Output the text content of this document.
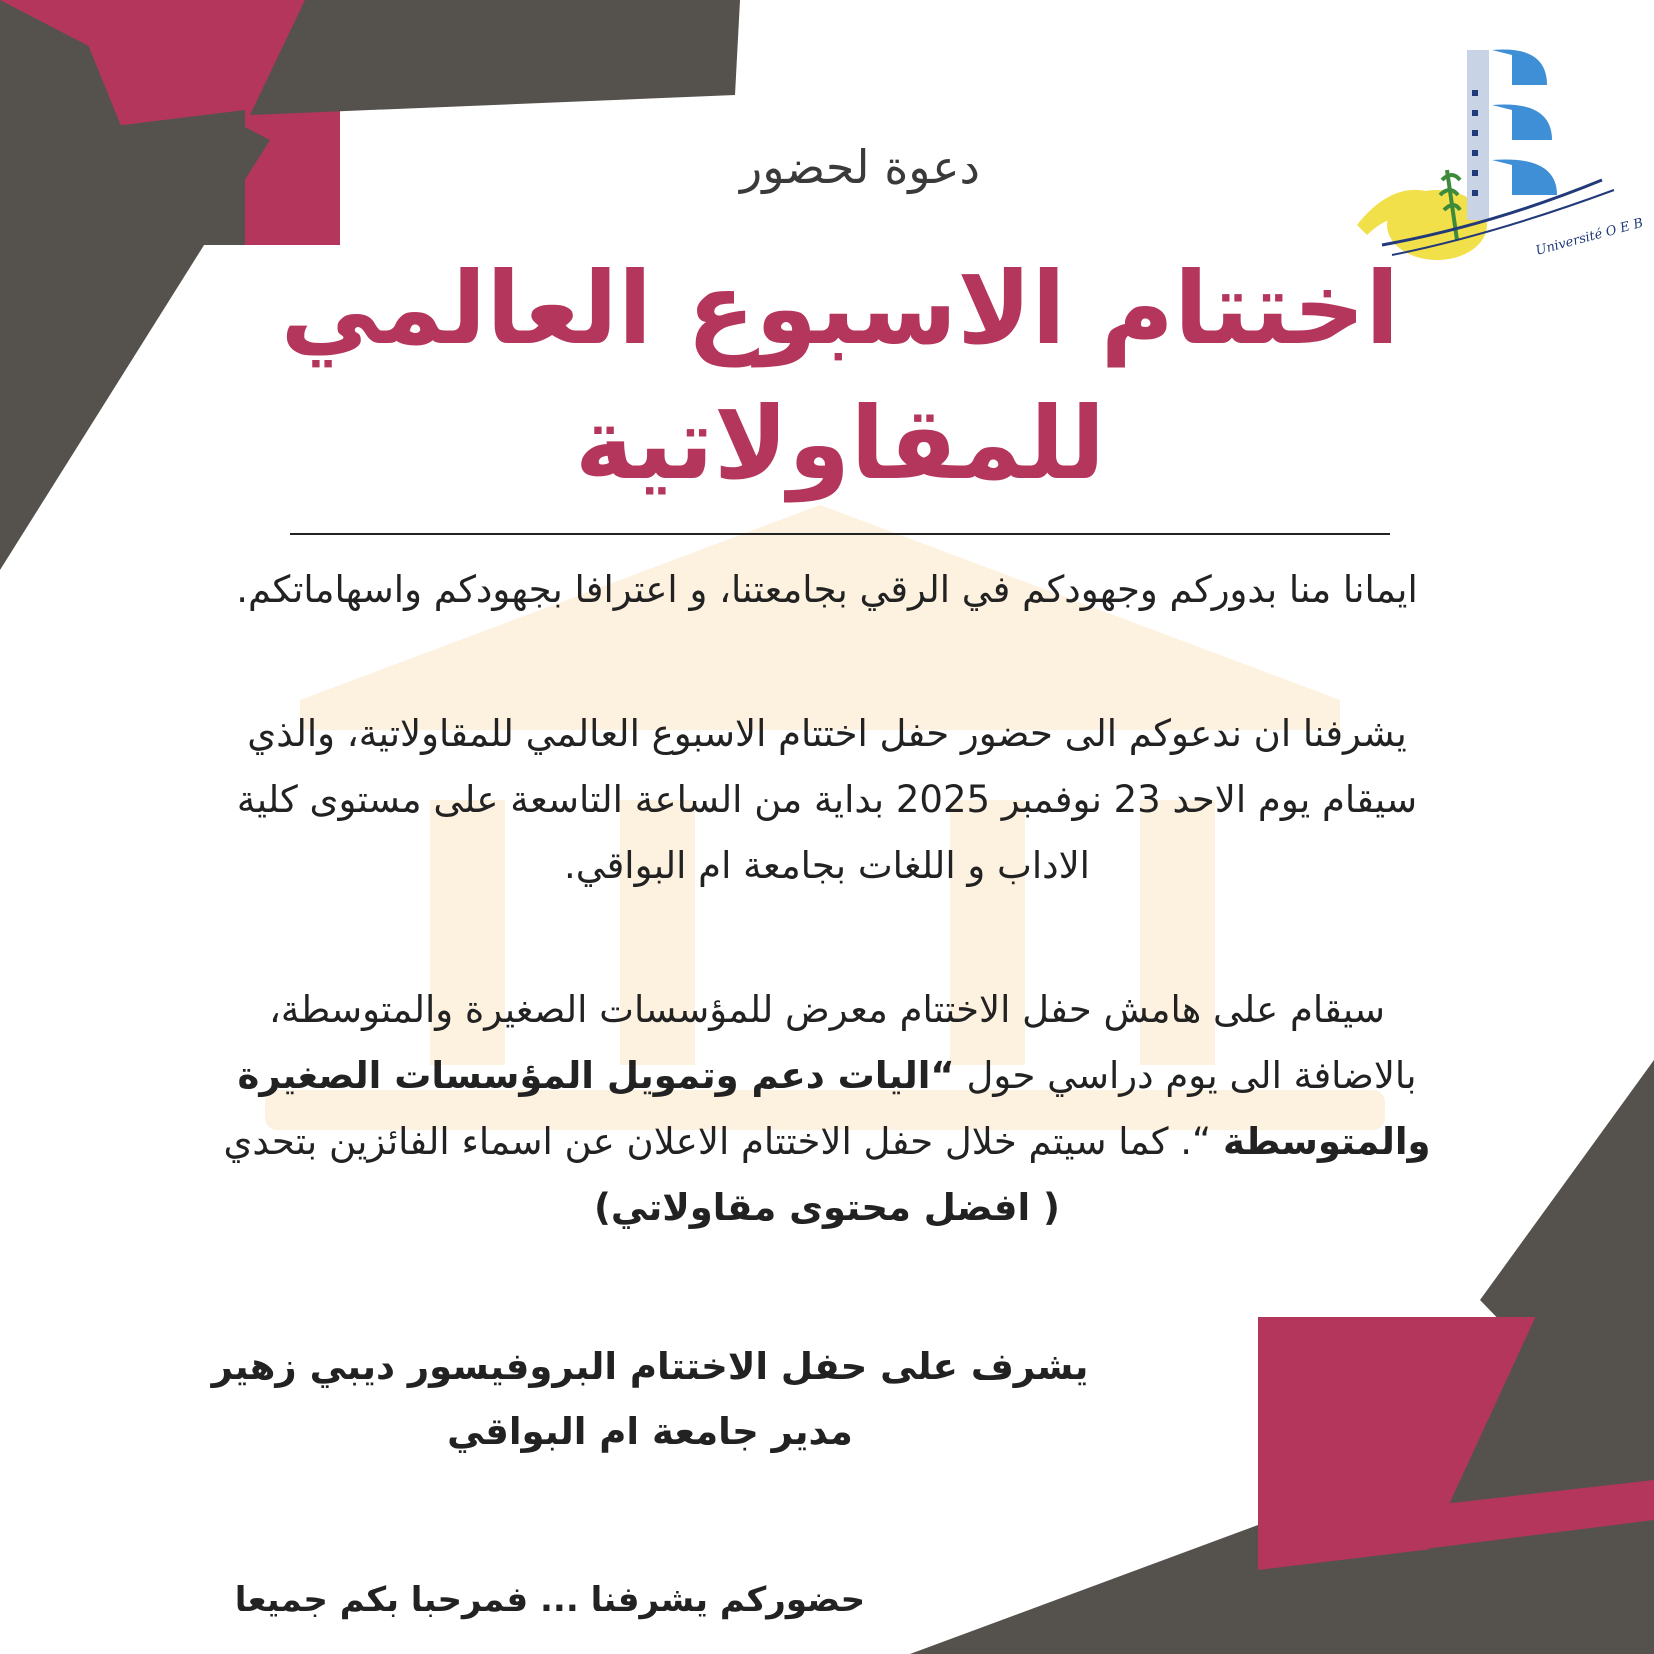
Université O E B
دعوة لحضور
اختتام الاسبوع العالمي
للمقاولاتية
ايمانا منا بدوركم وجهودكم في الرقي بجامعتنا، و اعترافا بجهودكم واسهاماتكم.
يشرفنا ان ندعوكم الى حضور حفل اختتام الاسبوع العالمي للمقاولاتية، والذي
سيقام يوم الاحد 23 نوفمبر 2025 بداية من الساعة التاسعة على مستوى كلية
الاداب و اللغات بجامعة ام البواقي.
سيقام على هامش حفل الاختتام معرض للمؤسسات الصغيرة والمتوسطة،
بالاضافة الى يوم دراسي حول “اليات دعم وتمويل المؤسسات الصغيرة
والمتوسطة “. كما سيتم خلال حفل الاختتام الاعلان عن اسماء الفائزين بتحدي
( افضل محتوى مقاولاتي)
يشرف على حفل الاختتام البروفيسور ديبي زهير
مدير جامعة ام البواقي
حضوركم يشرفنا ... فمرحبا بكم جميعا
